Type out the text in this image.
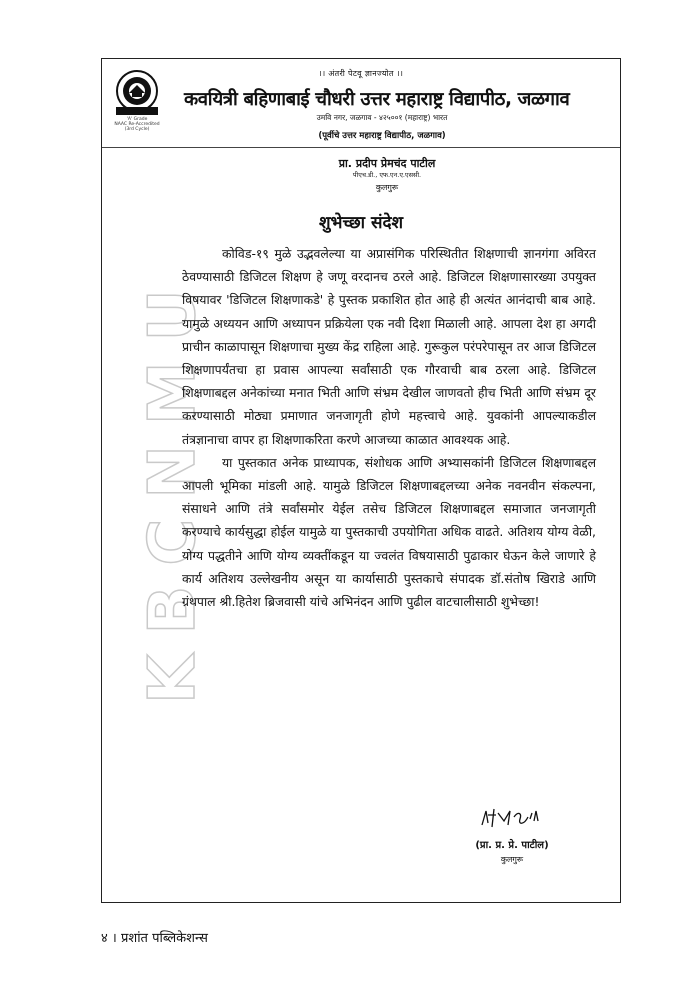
।। अंतरी पेटवू ज्ञानज्योत ।।
'A' Grade
NAAC Re-Accredited
(3rd Cycle)
कवयित्री बहिणाबाई चौधरी उत्तर महाराष्ट्र विद्यापीठ, जळगाव
उमवि नगर, जळगाव - ४२५००१ (महाराष्ट्र) भारत
(पूर्वीचे उत्तर महाराष्ट्र विद्यापीठ, जळगाव)
प्रा. प्रदीप प्रेमचंद पाटील
पीएच.डी., एफ.एन.ए.एससी.
कुलगुरू
KBCNMU
शुभेच्छा संदेश

कोविड-१९ मुळे उद्भवलेल्या या अप्रासंगिक परिस्थितीत शिक्षणाची ज्ञानगंगा अविरत ठेवण्यासाठी डिजिटल शिक्षण हे जणू वरदानच ठरले आहे. डिजिटल शिक्षणासारख्या उपयुक्त विषयावर 'डिजिटल शिक्षणाकडे' हे पुस्तक प्रकाशित होत आहे ही अत्यंत आनंदाची बाब आहे. यामुळे अध्ययन आणि अध्यापन प्रक्रियेला एक नवी दिशा मिळाली आहे. आपला देश हा अगदी प्राचीन काळापासून शिक्षणाचा मुख्य केंद्र राहिला आहे. गुरूकुल परंपरेपासून तर आज डिजिटल शिक्षणापर्यंतचा हा प्रवास आपल्या सर्वांसाठी एक गौरवाची बाब ठरला आहे. डिजिटल शिक्षणाबद्दल अनेकांच्या मनात भिती आणि संभ्रम देखील जाणवतो हीच भिती आणि संभ्रम दूर करण्यासाठी मोठ्या प्रमाणात जनजागृती होणे महत्त्वाचे आहे. युवकांनी आपल्याकडील तंत्रज्ञानाचा वापर हा शिक्षणाकरिता करणे आजच्या काळात आवश्यक आहे.

या पुस्तकात अनेक प्राध्यापक, संशोधक आणि अभ्यासकांनी डिजिटल शिक्षणाबद्दल आपली भूमिका मांडली आहे. यामुळे डिजिटल शिक्षणाबद्दलच्या अनेक नवनवीन संकल्पना, संसाधने आणि तंत्रे सर्वांसमोर येईल तसेच डिजिटल शिक्षणाबद्दल समाजात जनजागृती करण्याचे कार्यसुद्धा होईल यामुळे या पुस्तकाची उपयोगिता अधिक वाढते. अतिशय योग्य वेळी, योग्य पद्धतीने आणि योग्य व्यक्तींकडून या ज्वलंत विषयासाठी पुढाकार घेऊन केले जाणारे हे कार्य अतिशय उल्लेखनीय असून या कार्यासाठी पुस्तकाचे संपादक डॉ.संतोष खिराडे आणि ग्रंथपाल श्री.हितेश ब्रिजवासी यांचे अभिनंदन आणि पुढील वाटचालीसाठी शुभेच्छा!

(प्रा. प्र. प्रे. पाटील)
कुलगुरू
४ । प्रशांत पब्लिकेशन्स
